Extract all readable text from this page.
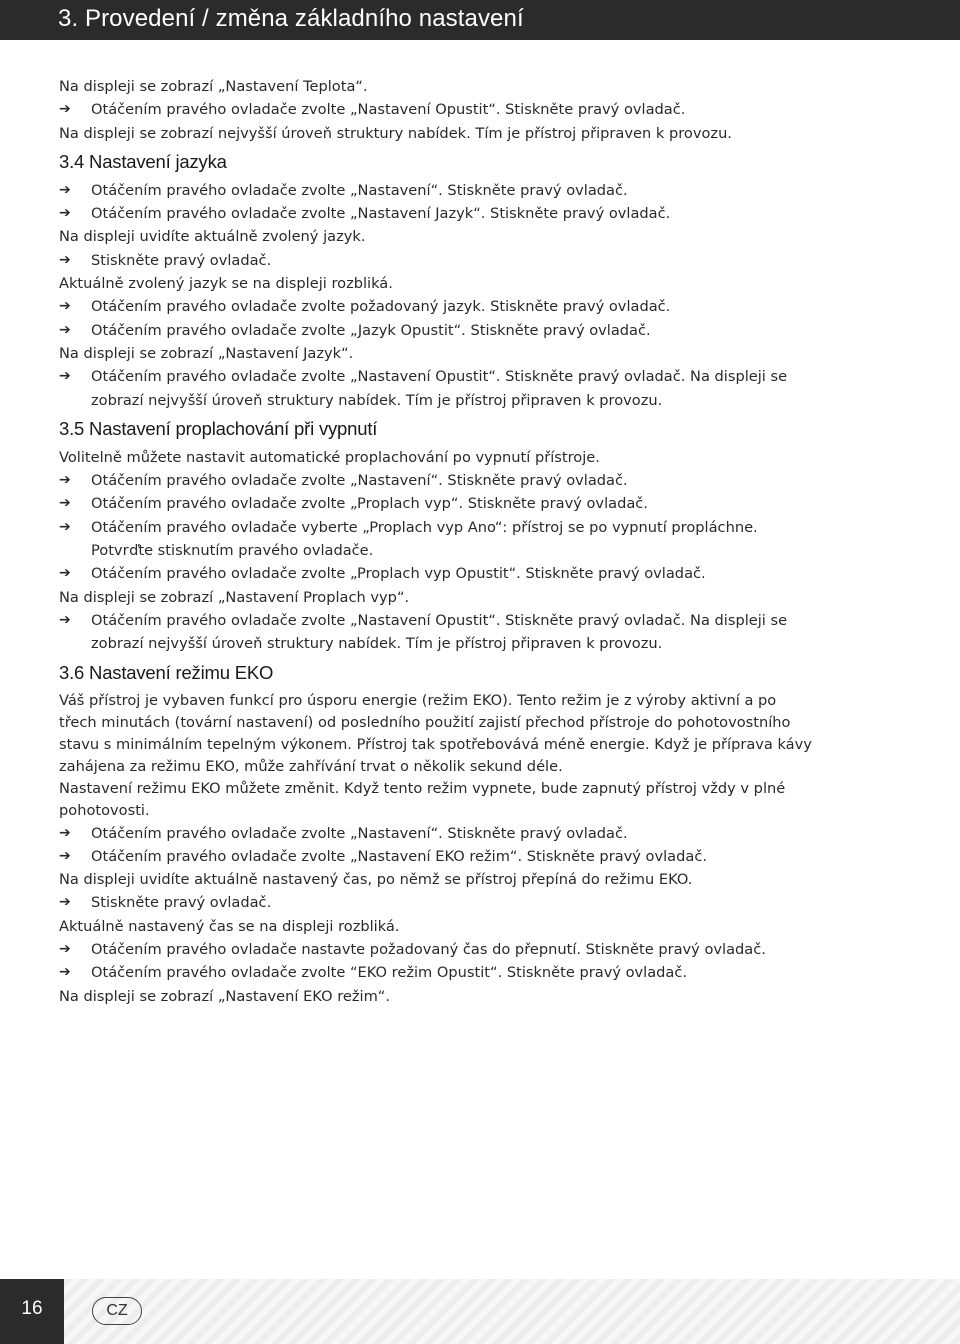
3. Provedení / změna základního nastavení
Na displeji se zobrazí „Nastavení Teplota“.
➔	Otáčením pravého ovladače zvolte „Nastavení Opustit“. Stiskněte pravý ovladač.
Na displeji se zobrazí nejvyšší úroveň struktury nabídek. Tím je přístroj připraven k provozu.
3.4 Nastavení jazyka
➔	Otáčením pravého ovladače zvolte „Nastavení“. Stiskněte pravý ovladač.
➔	Otáčením pravého ovladače zvolte „Nastavení Jazyk“. Stiskněte pravý ovladač.
Na displeji uvidíte aktuálně zvolený jazyk.
➔	Stiskněte pravý ovladač.
Aktuálně zvolený jazyk se na displeji rozbliká.
➔	Otáčením pravého ovladače zvolte požadovaný jazyk. Stiskněte pravý ovladač.
➔	Otáčením pravého ovladače zvolte „Jazyk Opustit“. Stiskněte pravý ovladač.
Na displeji se zobrazí „Nastavení Jazyk“.
➔	Otáčením pravého ovladače zvolte „Nastavení Opustit“. Stiskněte pravý ovladač. Na displeji se
zobrazí nejvyšší úroveň struktury nabídek. Tím je přístroj připraven k provozu.
3.5 Nastavení proplachování při vypnutí
Volitelně můžete nastavit automatické proplachování po vypnutí přístroje.
➔	Otáčením pravého ovladače zvolte „Nastavení“. Stiskněte pravý ovladač.
➔	Otáčením pravého ovladače zvolte „Proplach vyp“. Stiskněte pravý ovladač.
➔	Otáčením pravého ovladače vyberte „Proplach vyp Ano“: přístroj se po vypnutí propláchne.
Potvrďte stisknutím pravého ovladače.
➔	Otáčením pravého ovladače zvolte „Proplach vyp Opustit“. Stiskněte pravý ovladač.
Na displeji se zobrazí „Nastavení Proplach vyp“.
➔	Otáčením pravého ovladače zvolte „Nastavení Opustit“. Stiskněte pravý ovladač. Na displeji se
zobrazí nejvyšší úroveň struktury nabídek. Tím je přístroj připraven k provozu.
3.6 Nastavení režimu EKO
Váš přístroj je vybaven funkcí pro úsporu energie (režim EKO). Tento režim je z výroby aktivní a po
třech minutách (tovární nastavení) od posledního použití zajistí přechod přístroje do pohotovostního
stavu s minimálním tepelným výkonem. Přístroj tak spotřebovává méně energie. Když je příprava kávy
zahájena za režimu EKO, může zahřívání trvat o několik sekund déle.
Nastavení režimu EKO můžete změnit. Když tento režim vypnete, bude zapnutý přístroj vždy v plné
pohotovosti.
➔	Otáčením pravého ovladače zvolte „Nastavení“. Stiskněte pravý ovladač.
➔	Otáčením pravého ovladače zvolte „Nastavení EKO režim“. Stiskněte pravý ovladač.
Na displeji uvidíte aktuálně nastavený čas, po němž se přístroj přepíná do režimu EKO.
➔	Stiskněte pravý ovladač.
Aktuálně nastavený čas se na displeji rozbliká.
➔	Otáčením pravého ovladače nastavte požadovaný čas do přepnutí. Stiskněte pravý ovladač.
➔	Otáčením pravého ovladače zvolte “EKO režim Opustit“. Stiskněte pravý ovladač.
Na displeji se zobrazí „Nastavení EKO režim“.
16	CZ
